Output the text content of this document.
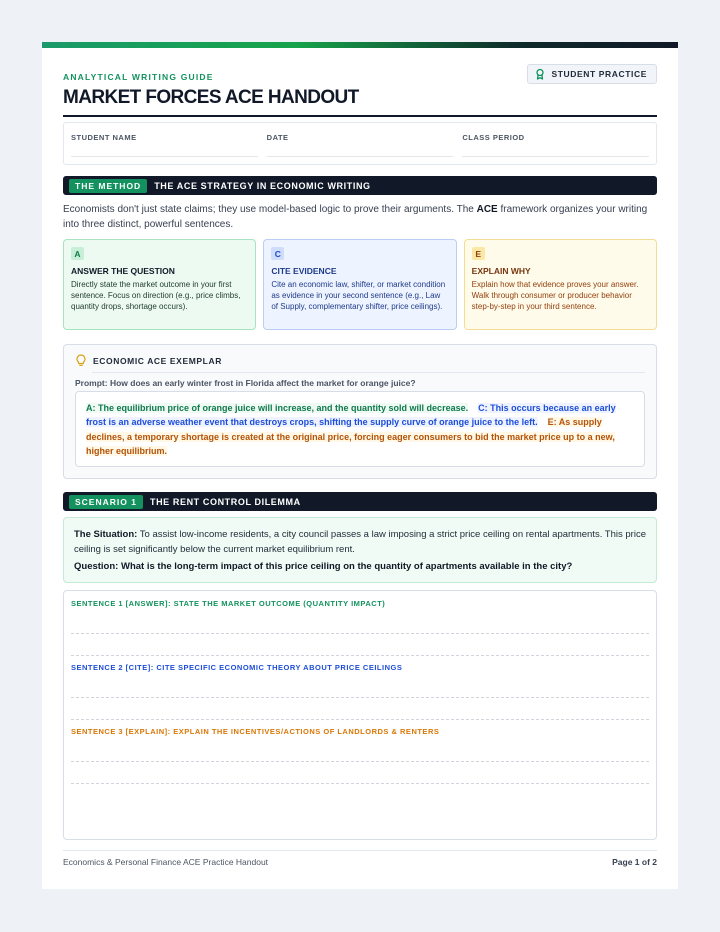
ANALYTICAL WRITING GUIDE	STUDENT PRACTICE
MARKET FORCES ACE HANDOUT
STUDENT NAME	DATE	CLASS PERIOD
THE METHOD	THE ACE STRATEGY IN ECONOMIC WRITING

Economists don't just state claims; they use model-based logic to prove their arguments. The ACE framework organizes your writing into three distinct, powerful sentences.

A
ANSWER THE QUESTION
Directly state the market outcome in your first sentence. Focus on direction (e.g., price climbs, quantity drops, shortage occurs).
C
CITE EVIDENCE
Cite an economic law, shifter, or market condition as evidence in your second sentence (e.g., Law of Supply, complementary shifter, price ceilings).
E
EXPLAIN WHY
Explain how that evidence proves your answer. Walk through consumer or producer behavior step-by-step in your third sentence.
ECONOMIC ACE EXEMPLAR
Prompt: How does an early winter frost in Florida affect the market for orange juice?
A: The equilibrium price of orange juice will increase, and the quantity sold will decrease. C: This occurs because an early frost is an adverse weather event that destroys crops, shifting the supply curve of orange juice to the left. E: As supply declines, a temporary shortage is created at the original price, forcing eager consumers to bid the market price up to a new, higher equilibrium.
SCENARIO 1	THE RENT CONTROL DILEMMA

The Situation: To assist low-income residents, a city council passes a law imposing a strict price ceiling on rental apartments. This price ceiling is set significantly below the current market equilibrium rent.

Question: What is the long-term impact of this price ceiling on the quantity of apartments available in the city?

SENTENCE 1 [ANSWER]: STATE THE MARKET OUTCOME (QUANTITY IMPACT)
SENTENCE 2 [CITE]: CITE SPECIFIC ECONOMIC THEORY ABOUT PRICE CEILINGS
SENTENCE 3 [EXPLAIN]: EXPLAIN THE INCENTIVES/ACTIONS OF LANDLORDS & RENTERS
Economics & Personal Finance ACE Practice Handout	Page 1 of 2
